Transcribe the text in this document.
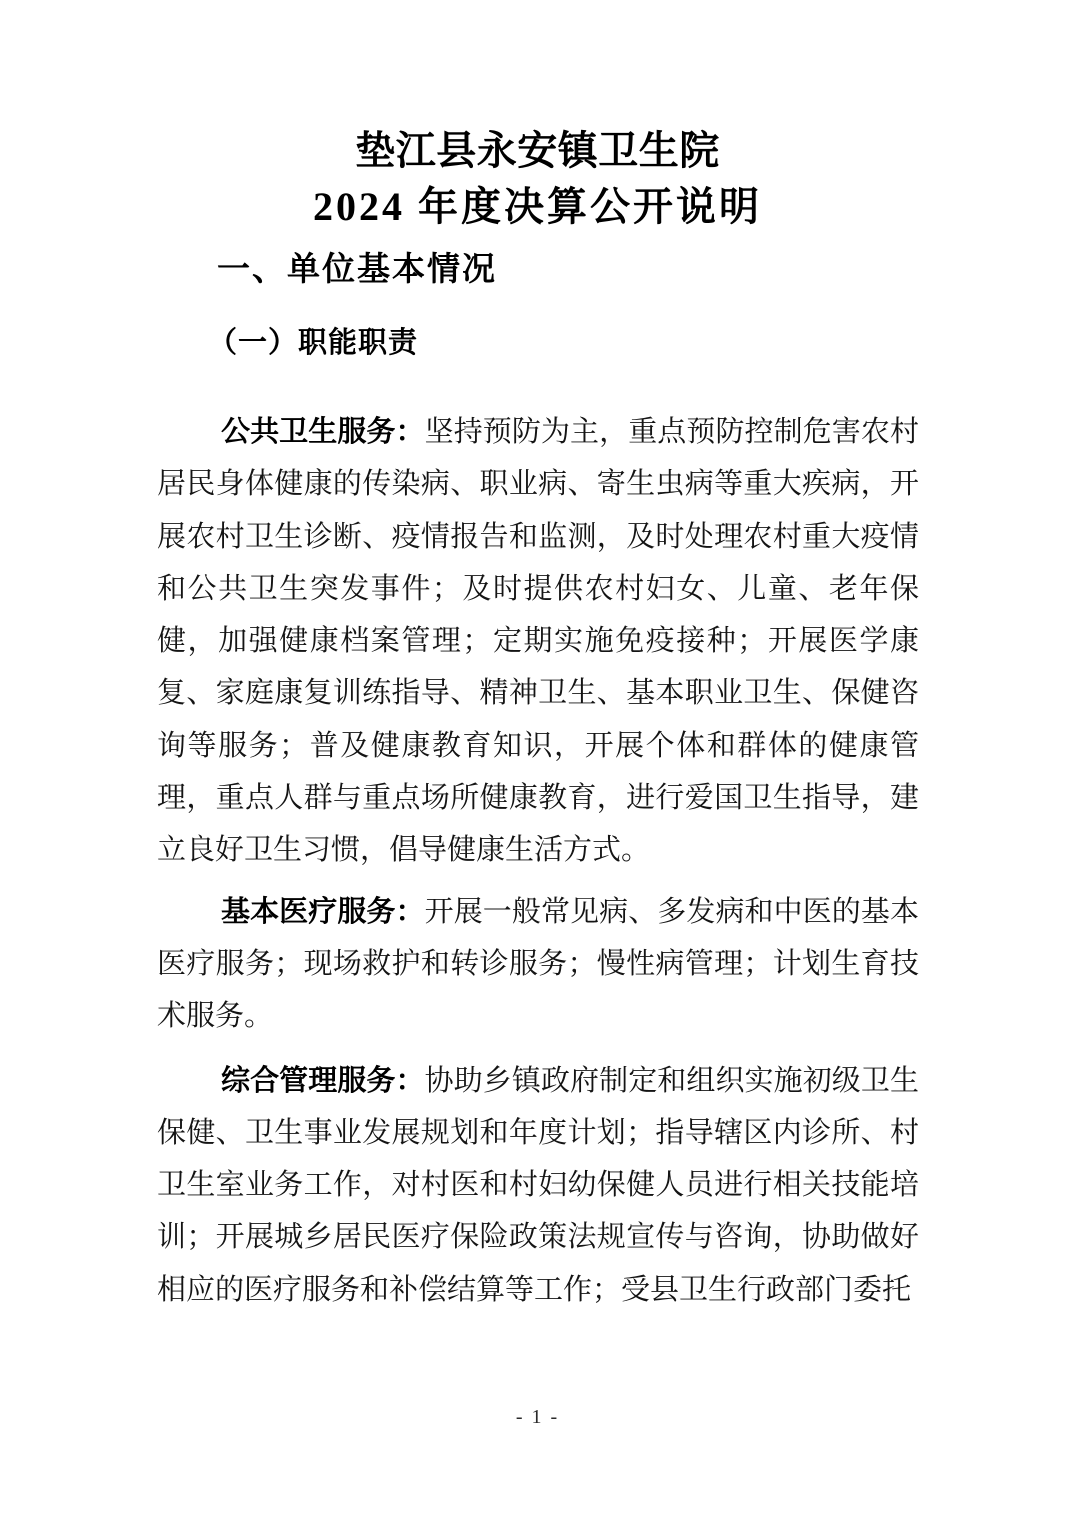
垫江县永安镇卫生院
2024 年度决算公开说明
一、单位基本情况
（一）职能职责

公共卫生服务：坚持预防为主，重点预防控制危害农村居民身体健康的传染病、职业病、寄生虫病等重大疾病，开展农村卫生诊断、疫情报告和监测，及时处理农村重大疫情和公共卫生突发事件；及时提供农村妇女、儿童、老年保健，加强健康档案管理；定期实施免疫接种；开展医学康复、家庭康复训练指导、精神卫生、基本职业卫生、保健咨询等服务；普及健康教育知识，开展个体和群体的健康管理，重点人群与重点场所健康教育，进行爱国卫生指导，建立良好卫生习惯，倡导健康生活方式。

基本医疗服务：开展一般常见病、多发病和中医的基本医疗服务；现场救护和转诊服务；慢性病管理；计划生育技术服务。

综合管理服务：协助乡镇政府制定和组织实施初级卫生保健、卫生事业发展规划和年度计划；指导辖区内诊所、村卫生室业务工作，对村医和村妇幼保健人员进行相关技能培训；开展城乡居民医疗保险政策法规宣传与咨询，协助做好相应的医疗服务和补偿结算等工作；受县卫生行政部门委托

- 1 -
